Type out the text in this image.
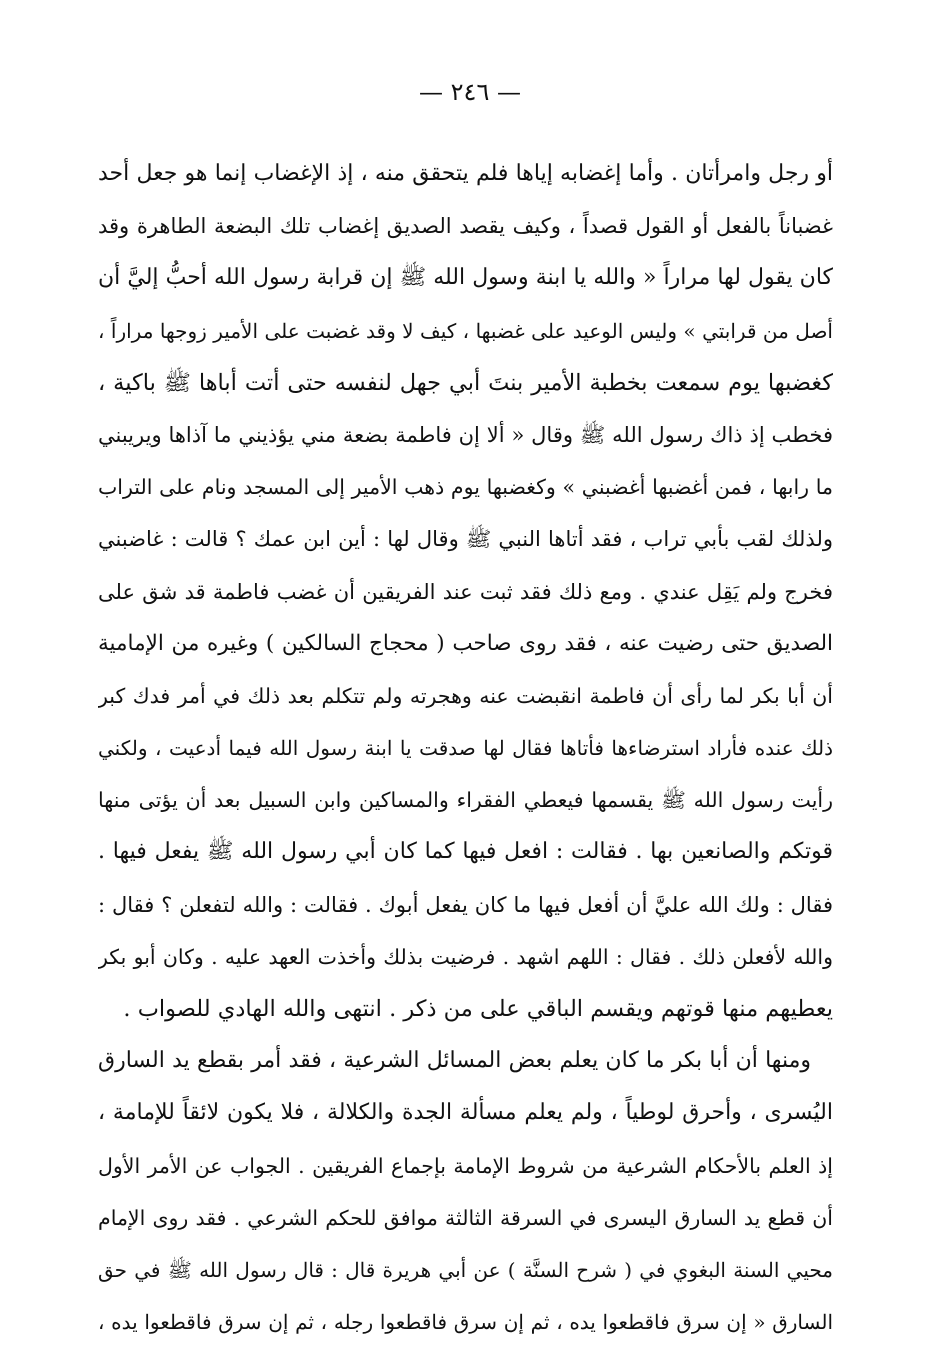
— ٢٤٦ —
أو رجل وامرأتان . وأما إغضابه إياها فلم يتحقق منه ، إذ الإغضاب إنما هو جعل أحد
غضباناً بالفعل أو القول قصداً ، وكيف يقصد الصديق إغضاب تلك البضعة الطاهرة وقد
كان يقول لها مراراً « والله يا ابنة وسول الله ﷺ إن قرابة رسول الله أحبُّ إليَّ أن
أصل من قرابتي » وليس الوعيد على غضبها ، كيف لا وقد غضبت على الأمير زوجها مراراً ،
كغضبها يوم سمعت بخطبة الأمير بنتَ أبي جهل لنفسه حتى أتت أباها ﷺ باكية ،
فخطب إذ ذاك رسول الله ﷺ وقال « ألا إن فاطمة بضعة مني يؤذيني ما آذاها ويريبني
ما رابها ، فمن أغضبها أغضبني » وكغضبها يوم ذهب الأمير إلى المسجد ونام على التراب
ولذلك لقب بأبي تراب ، فقد أتاها النبي ﷺ وقال لها : أين ابن عمك ؟ قالت : غاضبني
فخرج ولم يَقِل عندي . ومع ذلك فقد ثبت عند الفريقين أن غضب فاطمة قد شق على
الصديق حتى رضيت عنه ، فقد روى صاحب ( محجاج السالكين ) وغيره من الإمامية
أن أبا بكر لما رأى أن فاطمة انقبضت عنه وهجرته ولم تتكلم بعد ذلك في أمر فدك كبر
ذلك عنده فأراد استرضاءها فأتاها فقال لها صدقت يا ابنة رسول الله فيما أدعيت ، ولكني
رأيت رسول الله ﷺ يقسمها فيعطي الفقراء والمساكين وابن السبيل بعد أن يؤتى منها
قوتكم والصانعين بها . فقالت : افعل فيها كما كان أبي رسول الله ﷺ يفعل فيها .
فقال : ولك الله عليَّ أن أفعل فيها ما كان يفعل أبوك . فقالت : والله لتفعلن ؟ فقال :
والله لأفعلن ذلك . فقال : اللهم اشهد . فرضيت بذلك وأخذت العهد عليه . وكان أبو بكر
يعطيهم منها قوتهم ويقسم الباقي على من ذكر . انتهى والله الهادي للصواب .
ومنها أن أبا بكر ما كان يعلم بعض المسائل الشرعية ، فقد أمر بقطع يد السارق
اليُسرى ، وأحرق لوطياً ، ولم يعلم مسألة الجدة والكلالة ، فلا يكون لائقاً للإمامة ،
إذ العلم بالأحكام الشرعية من شروط الإمامة بإجماع الفريقين . الجواب عن الأمر الأول
أن قطع يد السارق اليسرى في السرقة الثالثة موافق للحكم الشرعي . فقد روى الإمام
محيي السنة البغوي في ( شرح السنَّة ) عن أبي هريرة قال : قال رسول الله ﷺ في حق
السارق « إن سرق فاقطعوا يده ، ثم إن سرق فاقطعوا رجله ، ثم إن سرق فاقطعوا يده ،
